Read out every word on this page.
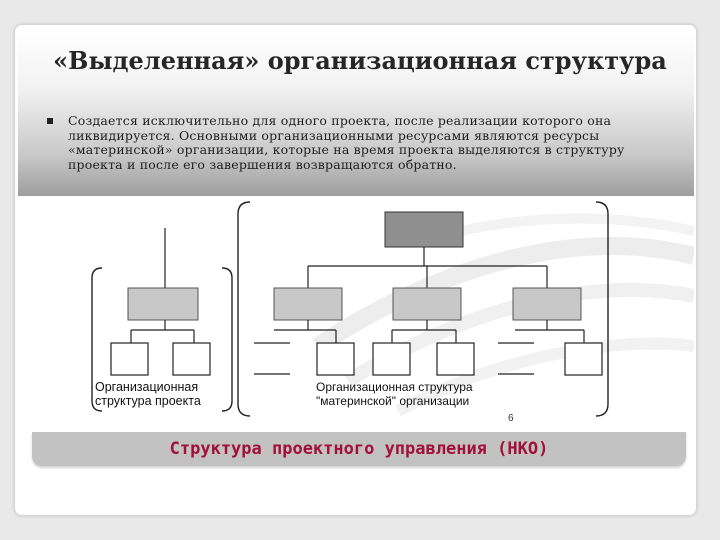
«Выделенная» организационная структура
Создается исключительно для одного проекта, после реализации которого она ликвидируется. Основными организационными ресурсами являются ресурсы «материнской» организации, которые на время проекта выделяются в структуру проекта и после его завершения возвращаются обратно.
Организационная
структура проекта
Организационная структура
"материнской" организации
6
Структура проектного управления (НКО)
